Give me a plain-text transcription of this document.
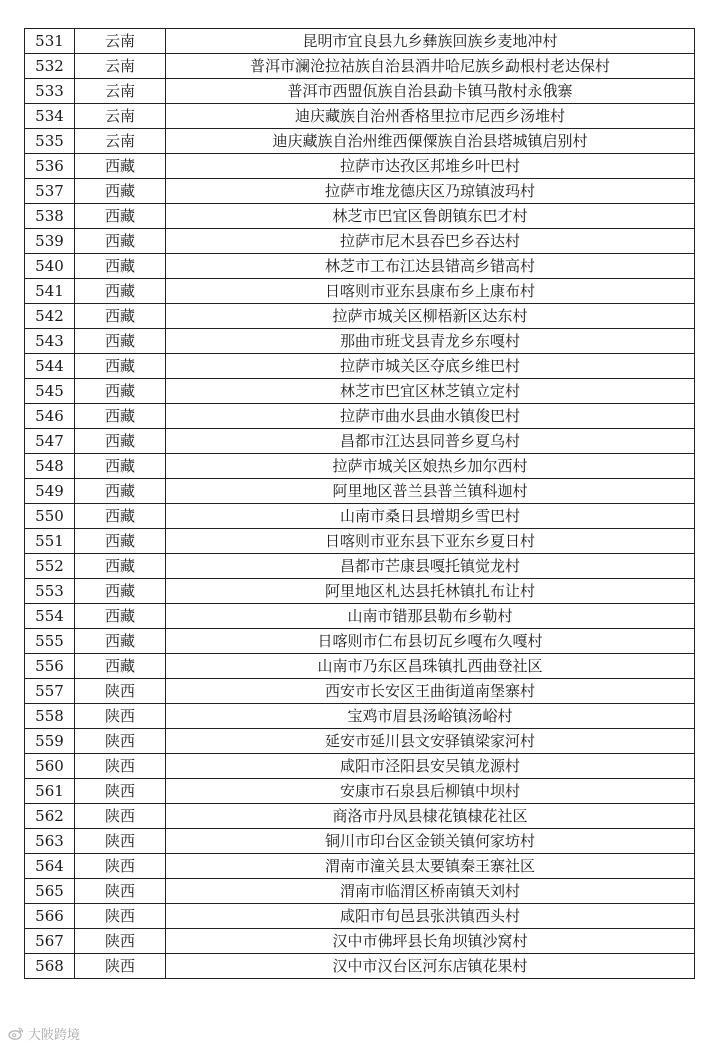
531	云南	昆明市宜良县九乡彝族回族乡麦地冲村
532	云南	普洱市澜沧拉祜族自治县酒井哈尼族乡勐根村老达保村
533	云南	普洱市西盟佤族自治县勐卡镇马散村永俄寨
534	云南	迪庆藏族自治州香格里拉市尼西乡汤堆村
535	云南	迪庆藏族自治州维西傈僳族自治县塔城镇启别村
536	西藏	拉萨市达孜区邦堆乡叶巴村
537	西藏	拉萨市堆龙德庆区乃琼镇波玛村
538	西藏	林芝市巴宜区鲁朗镇东巴才村
539	西藏	拉萨市尼木县吞巴乡吞达村
540	西藏	林芝市工布江达县错高乡错高村
541	西藏	日喀则市亚东县康布乡上康布村
542	西藏	拉萨市城关区柳梧新区达东村
543	西藏	那曲市班戈县青龙乡东嘎村
544	西藏	拉萨市城关区夺底乡维巴村
545	西藏	林芝市巴宜区林芝镇立定村
546	西藏	拉萨市曲水县曲水镇俊巴村
547	西藏	昌都市江达县同普乡夏乌村
548	西藏	拉萨市城关区娘热乡加尔西村
549	西藏	阿里地区普兰县普兰镇科迦村
550	西藏	山南市桑日县增期乡雪巴村
551	西藏	日喀则市亚东县下亚东乡夏日村
552	西藏	昌都市芒康县嘎托镇觉龙村
553	西藏	阿里地区札达县托林镇扎布让村
554	西藏	山南市错那县勒布乡勒村
555	西藏	日喀则市仁布县切瓦乡嘎布久嘎村
556	西藏	山南市乃东区昌珠镇扎西曲登社区
557	陕西	西安市长安区王曲街道南堡寨村
558	陕西	宝鸡市眉县汤峪镇汤峪村
559	陕西	延安市延川县文安驿镇梁家河村
560	陕西	咸阳市泾阳县安吴镇龙源村
561	陕西	安康市石泉县后柳镇中坝村
562	陕西	商洛市丹凤县棣花镇棣花社区
563	陕西	铜川市印台区金锁关镇何家坊村
564	陕西	渭南市潼关县太要镇秦王寨社区
565	陕西	渭南市临渭区桥南镇天刘村
566	陕西	咸阳市旬邑县张洪镇西头村
567	陕西	汉中市佛坪县长角坝镇沙窝村
568	陕西	汉中市汉台区河东店镇花果村
大陂跨境
